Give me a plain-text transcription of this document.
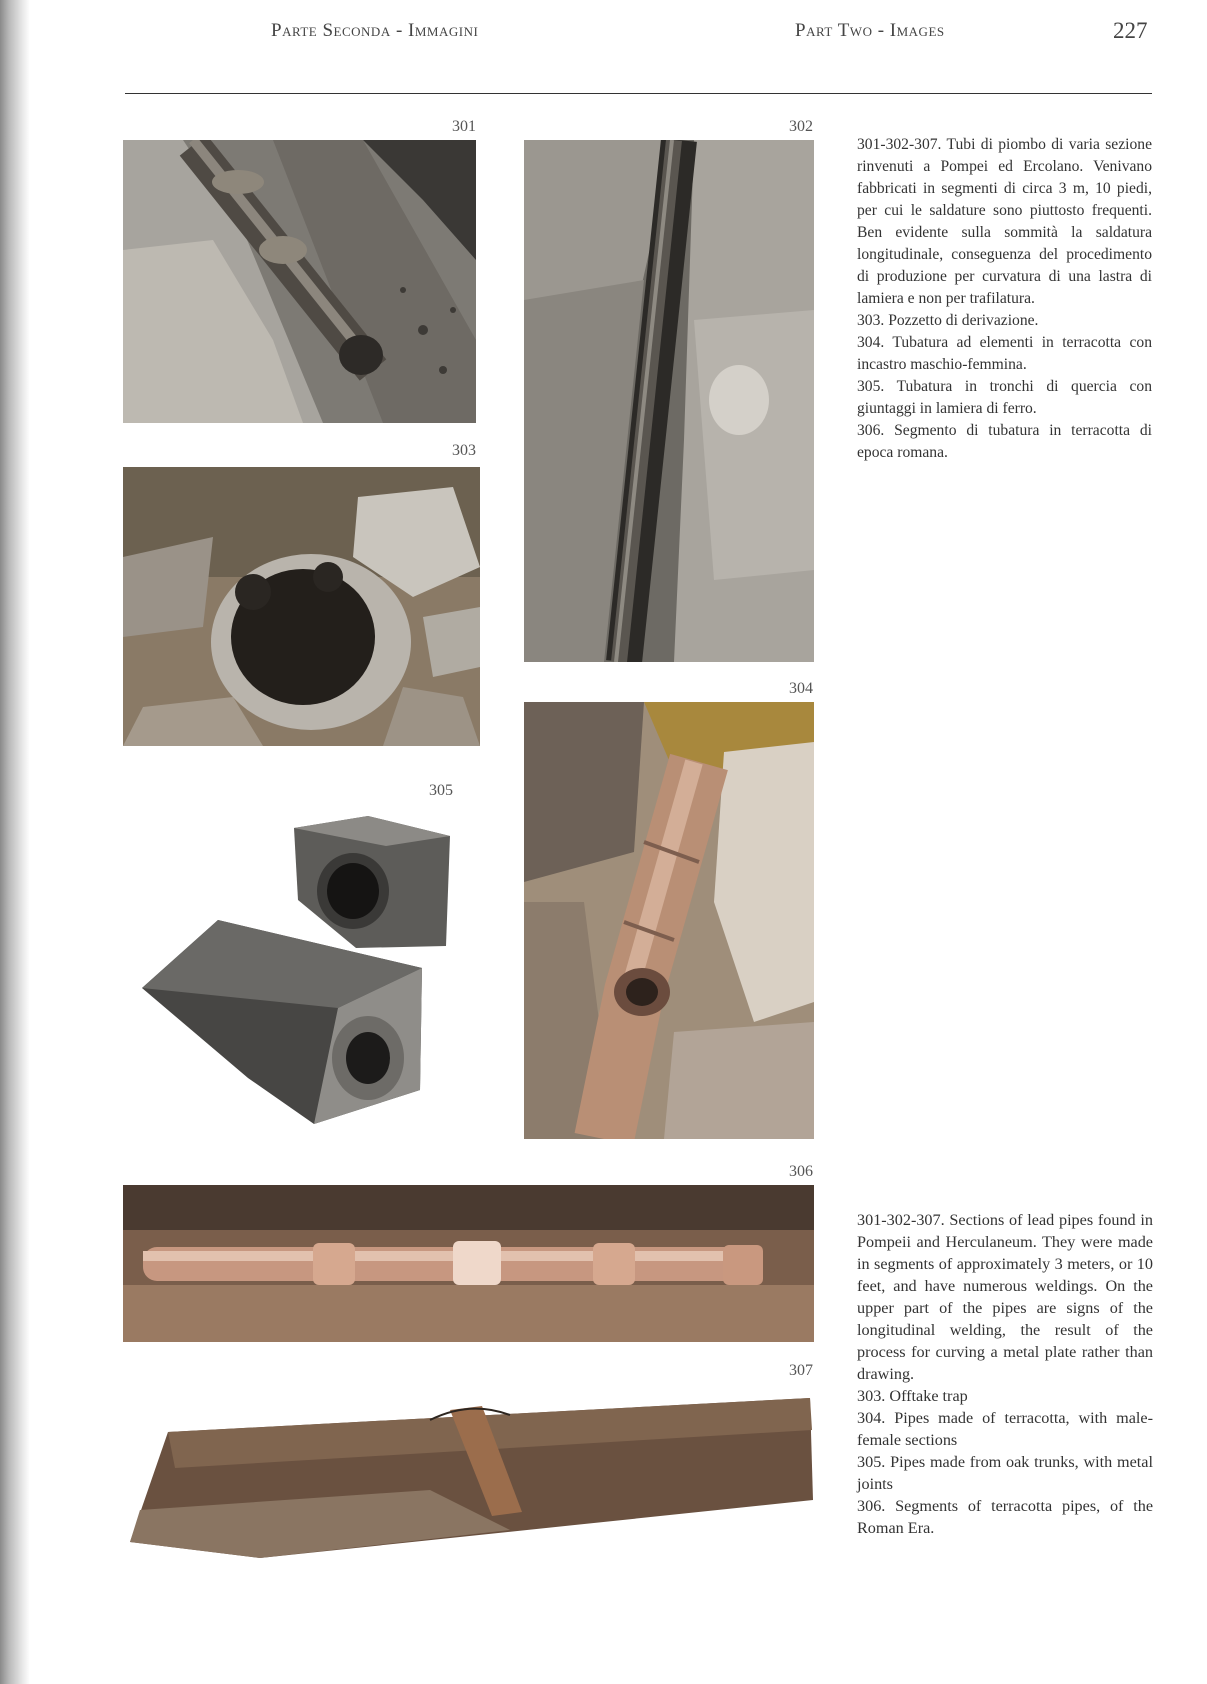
Parte Seconda - Immagini	Part Two - Images	227
301	302
303
304
305
306
307

301-302-307. Tubi di piombo di varia sezione rinvenuti a Pompei ed Ercolano. Venivano fabbricati in segmenti di circa 3 m, 10 piedi, per cui le saldature sono piuttosto frequenti. Ben evidente sulla sommità la saldatura longitudinale, conseguenza del procedimento di produzione per curvatura di una lastra di lamiera e non per trafilatura.

303. Pozzetto di derivazione.

304. Tubatura ad elementi in terracotta con incastro maschio-femmina.

305. Tubatura in tronchi di quercia con giuntaggi in lamiera di ferro.

306. Segmento di tubatura in terracotta di epoca romana.

301-302-307. Sections of lead pipes found in Pompeii and Herculaneum. They were made in segments of approximately 3 meters, or 10 feet, and have numerous weldings. On the upper part of the pipes are signs of the longitudinal welding, the result of the process for curving a metal plate rather than drawing.

303. Offtake trap

304. Pipes made of terracotta, with male-female sections

305. Pipes made from oak trunks, with metal joints

306. Segments of terracotta pipes, of the Roman Era.
